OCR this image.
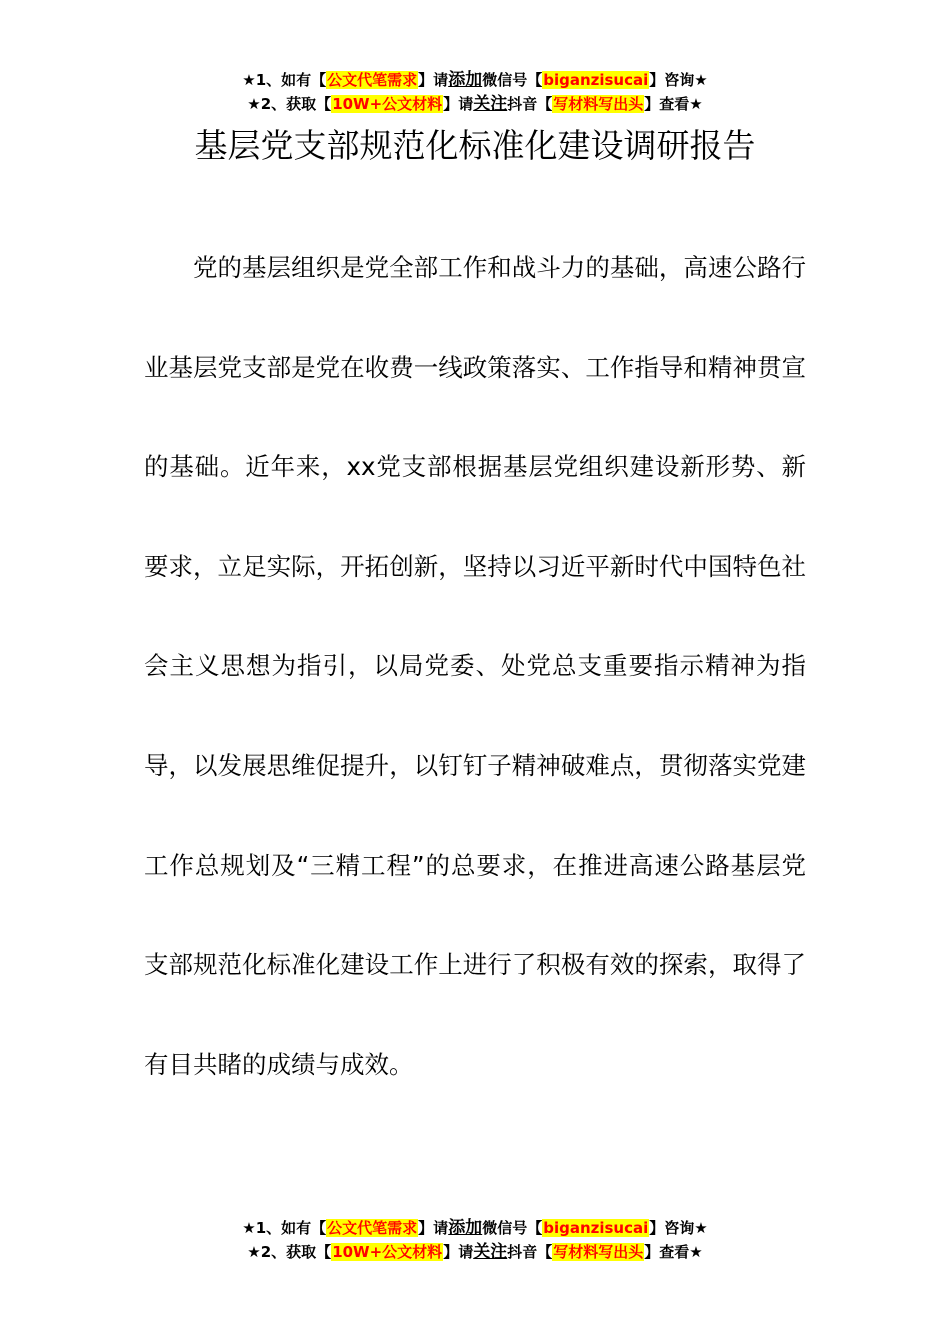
★1、如有【公文代笔需求】请添加微信号【biganzisucai】咨询★
★2、获取【10W+公文材料】请关注抖音【写材料写出头】查看★
基层党支部规范化标准化建设调研报告

党的基层组织是党全部工作和战斗力的基础，高速公路行业基层党支部是党在收费一线政策落实、工作指导和精神贯宣的基础。近年来，xx党支部根据基层党组织建设新形势、新要求，立足实际，开拓创新，坚持以习近平新时代中国特色社会主义思想为指引，以局党委、处党总支重要指示精神为指导，以发展思维促提升，以钉钉子精神破难点，贯彻落实党建工作总规划及“三精工程”的总要求，在推进高速公路基层党支部规范化标准化建设工作上进行了积极有效的探索，取得了有目共睹的成绩与成效。

★1、如有【公文代笔需求】请添加微信号【biganzisucai】咨询★
★2、获取【10W+公文材料】请关注抖音【写材料写出头】查看★
